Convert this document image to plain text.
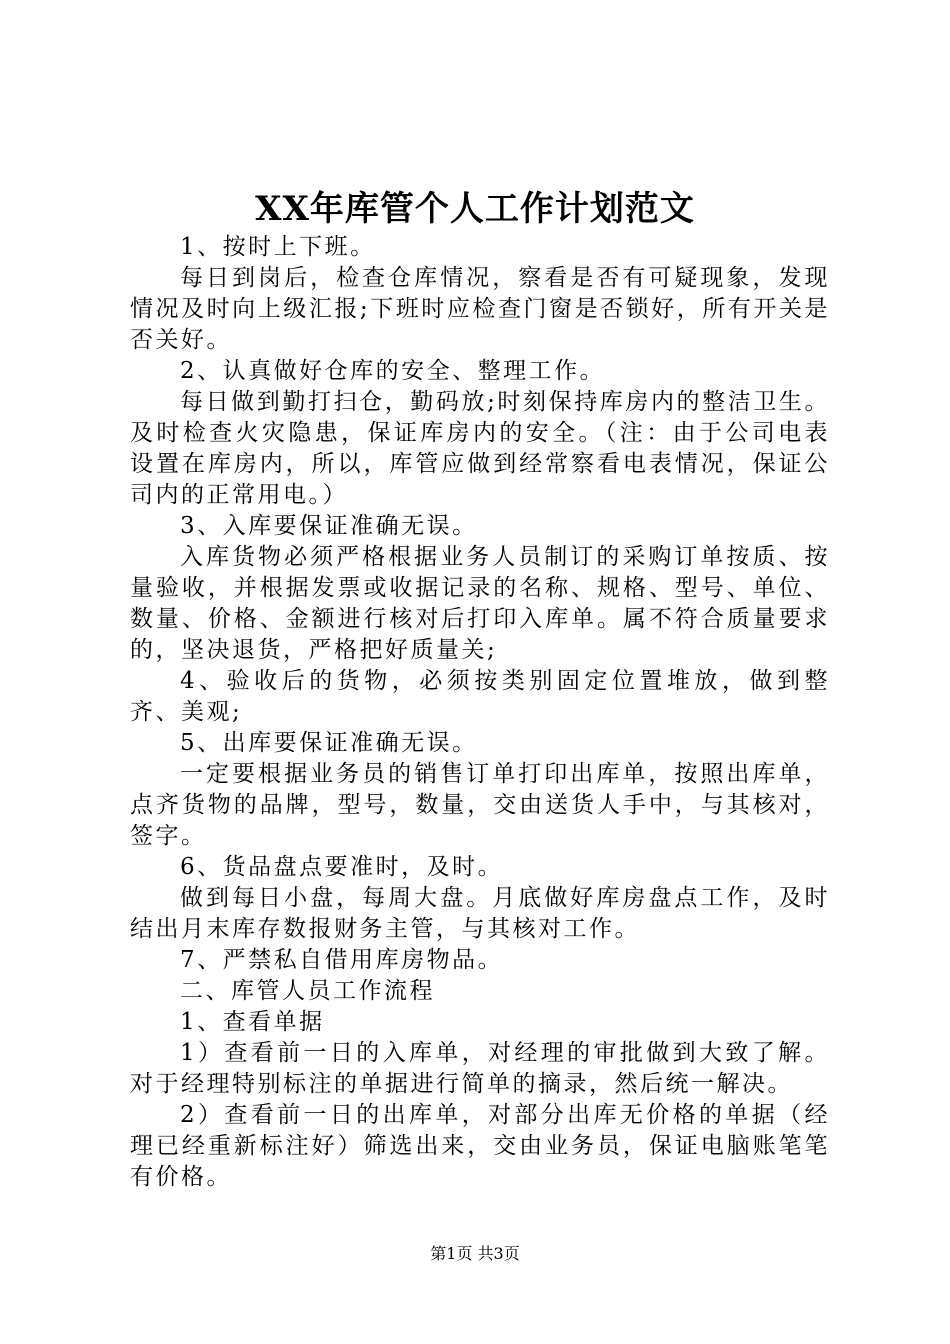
XX年库管个人工作计划范文

1、按时上下班。

每日到岗后，检查仓库情况，察看是否有可疑现象，发现情况及时向上级汇报;下班时应检查门窗是否锁好，所有开关是否关好。

2、认真做好仓库的安全、整理工作。

每日做到勤打扫仓，勤码放;时刻保持库房内的整洁卫生。及时检查火灾隐患，保证库房内的安全。（注：由于公司电表设置在库房内，所以，库管应做到经常察看电表情况，保证公司内的正常用电。）

3、入库要保证准确无误。

入库货物必须严格根据业务人员制订的采购订单按质、按量验收，并根据发票或收据记录的名称、规格、型号、单位、数量、价格、金额进行核对后打印入库单。属不符合质量要求的，坚决退货，严格把好质量关;

4、验收后的货物，必须按类别固定位置堆放，做到整齐、美观;

5、出库要保证准确无误。

一定要根据业务员的销售订单打印出库单，按照出库单，点齐货物的品牌，型号，数量，交由送货人手中，与其核对，签字。

6、货品盘点要准时，及时。

做到每日小盘，每周大盘。月底做好库房盘点工作，及时结出月末库存数报财务主管，与其核对工作。

7、严禁私自借用库房物品。

二、库管人员工作流程

1、查看单据

1）查看前一日的入库单，对经理的审批做到大致了解。对于经理特别标注的单据进行简单的摘录，然后统一解决。

2）查看前一日的出库单，对部分出库无价格的单据（经理已经重新标注好）筛选出来，交由业务员，保证电脑账笔笔有价格。

第1页 共3页
